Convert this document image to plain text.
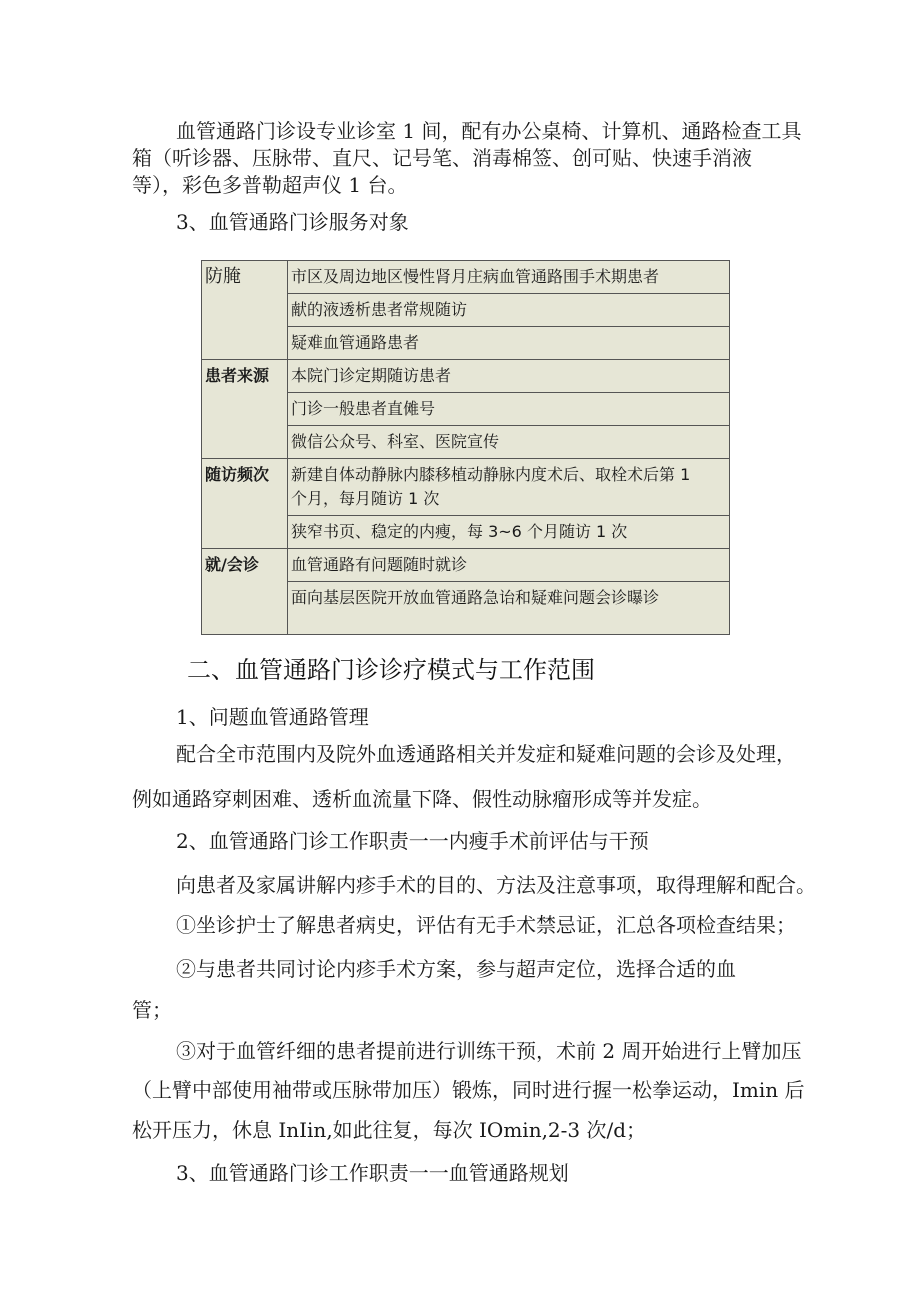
血管通路门诊设专业诊室 1 间，配有办公桌椅、计算机、通路检查工具
箱（听诊器、压脉带、直尺、记号笔、消毒棉签、创可贴、快速手消液
等），彩色多普勒超声仪 1 台。
3、血管通路门诊服务对象
防腌	市区及周边地区慢性肾月庄病血管通路围手术期患者
	献的液透析患者常规随访
	疑难血管通路患者
患者来源	本院门诊定期随访患者
	门诊一般患者直傩号
	微信公众号、科室、医院宣传
随访频次	新建自体动静脉内膝移植动静脉内度术后、取栓术后第 1
个月，每月随访 1 次

	狭窄书页、稳定的内瘦，每 3~6 个月随访 1 次
就/会诊	血管通路有问题随时就诊
	面向基层医院开放血管通路急诒和疑难问题会诊曝诊
二、血管通路门诊诊疗模式与工作范围
1、问题血管通路管理
配合全市范围内及院外血透通路相关并发症和疑难问题的会诊及处理，
例如通路穿刺困难、透析血流量下降、假性动脉瘤形成等并发症。
2、血管通路门诊工作职责一一内瘦手术前评估与干预
向患者及家属讲解内疹手术的目的、方法及注意事项，取得理解和配合。
①坐诊护士了解患者病史，评估有无手术禁忌证，汇总各项检查结果；
②与患者共同讨论内疹手术方案，参与超声定位，选择合适的血
管；
③对于血管纤细的患者提前进行训练干预，术前 2 周开始进行上臂加压
（上臂中部使用袖带或压脉带加压）锻炼，同时进行握一松拳运动，Imin 后
松开压力，休息 InIin,如此往复，每次 IOmin,2-3 次/d；
3、血管通路门诊工作职责一一血管通路规划
